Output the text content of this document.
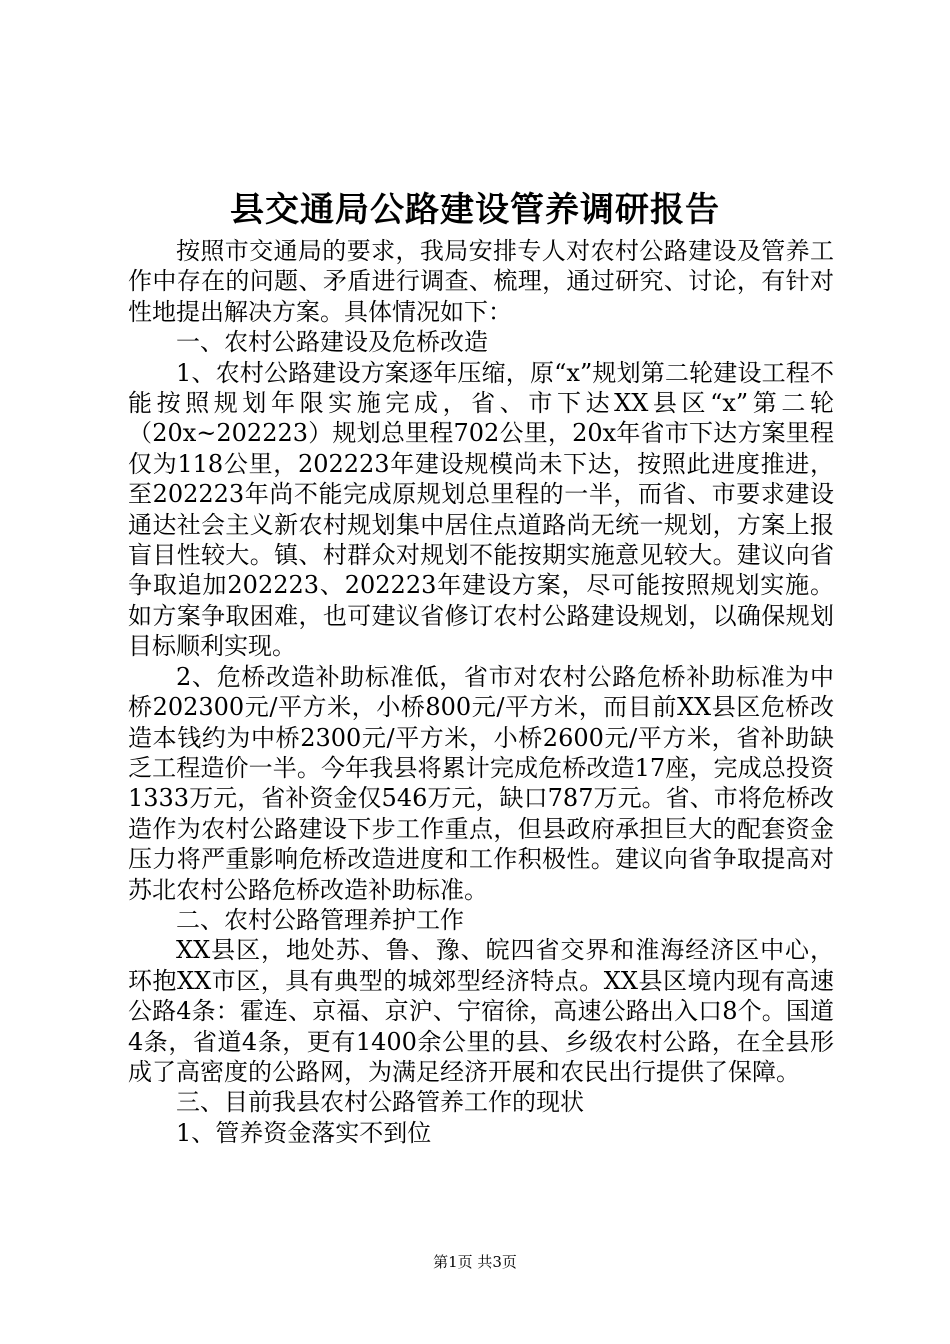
县交通局公路建设管养调研报告

按照市交通局的要求，我局安排专人对农村公路建设及管养工作中存在的问题、矛盾进行调查、梳理，通过研究、讨论，有针对性地提出解决方案。具体情况如下：

一、农村公路建设及危桥改造

1、农村公路建设方案逐年压缩，原“x”规划第二轮建设工程不能按照规划年限实施完成，省、市下达XX县区“x”第二轮（20x~202223）规划总里程702公里，20x年省市下达方案里程仅为118公里，202223年建设规模尚未下达，按照此进度推进，至202223年尚不能完成原规划总里程的一半，而省、市要求建设通达社会主义新农村规划集中居住点道路尚无统一规划，方案上报盲目性较大。镇、村群众对规划不能按期实施意见较大。建议向省争取追加202223、202223年建设方案，尽可能按照规划实施。如方案争取困难，也可建议省修订农村公路建设规划，以确保规划目标顺利实现。

2、危桥改造补助标准低，省市对农村公路危桥补助标准为中桥202300元/平方米，小桥800元/平方米，而目前XX县区危桥改造本钱约为中桥2300元/平方米，小桥2600元/平方米，省补助缺乏工程造价一半。今年我县将累计完成危桥改造17座，完成总投资1333万元，省补资金仅546万元，缺口787万元。省、市将危桥改造作为农村公路建设下步工作重点，但县政府承担巨大的配套资金压力将严重影响危桥改造进度和工作积极性。建议向省争取提高对苏北农村公路危桥改造补助标准。

二、农村公路管理养护工作

XX县区，地处苏、鲁、豫、皖四省交界和淮海经济区中心，环抱XX市区，具有典型的城郊型经济特点。XX县区境内现有高速公路4条：霍连、京福、京沪、宁宿徐，高速公路出入口8个。国道4条，省道4条，更有1400余公里的县、乡级农村公路，在全县形成了高密度的公路网，为满足经济开展和农民出行提供了保障。

三、目前我县农村公路管养工作的现状

1、管养资金落实不到位

第1页 共3页
